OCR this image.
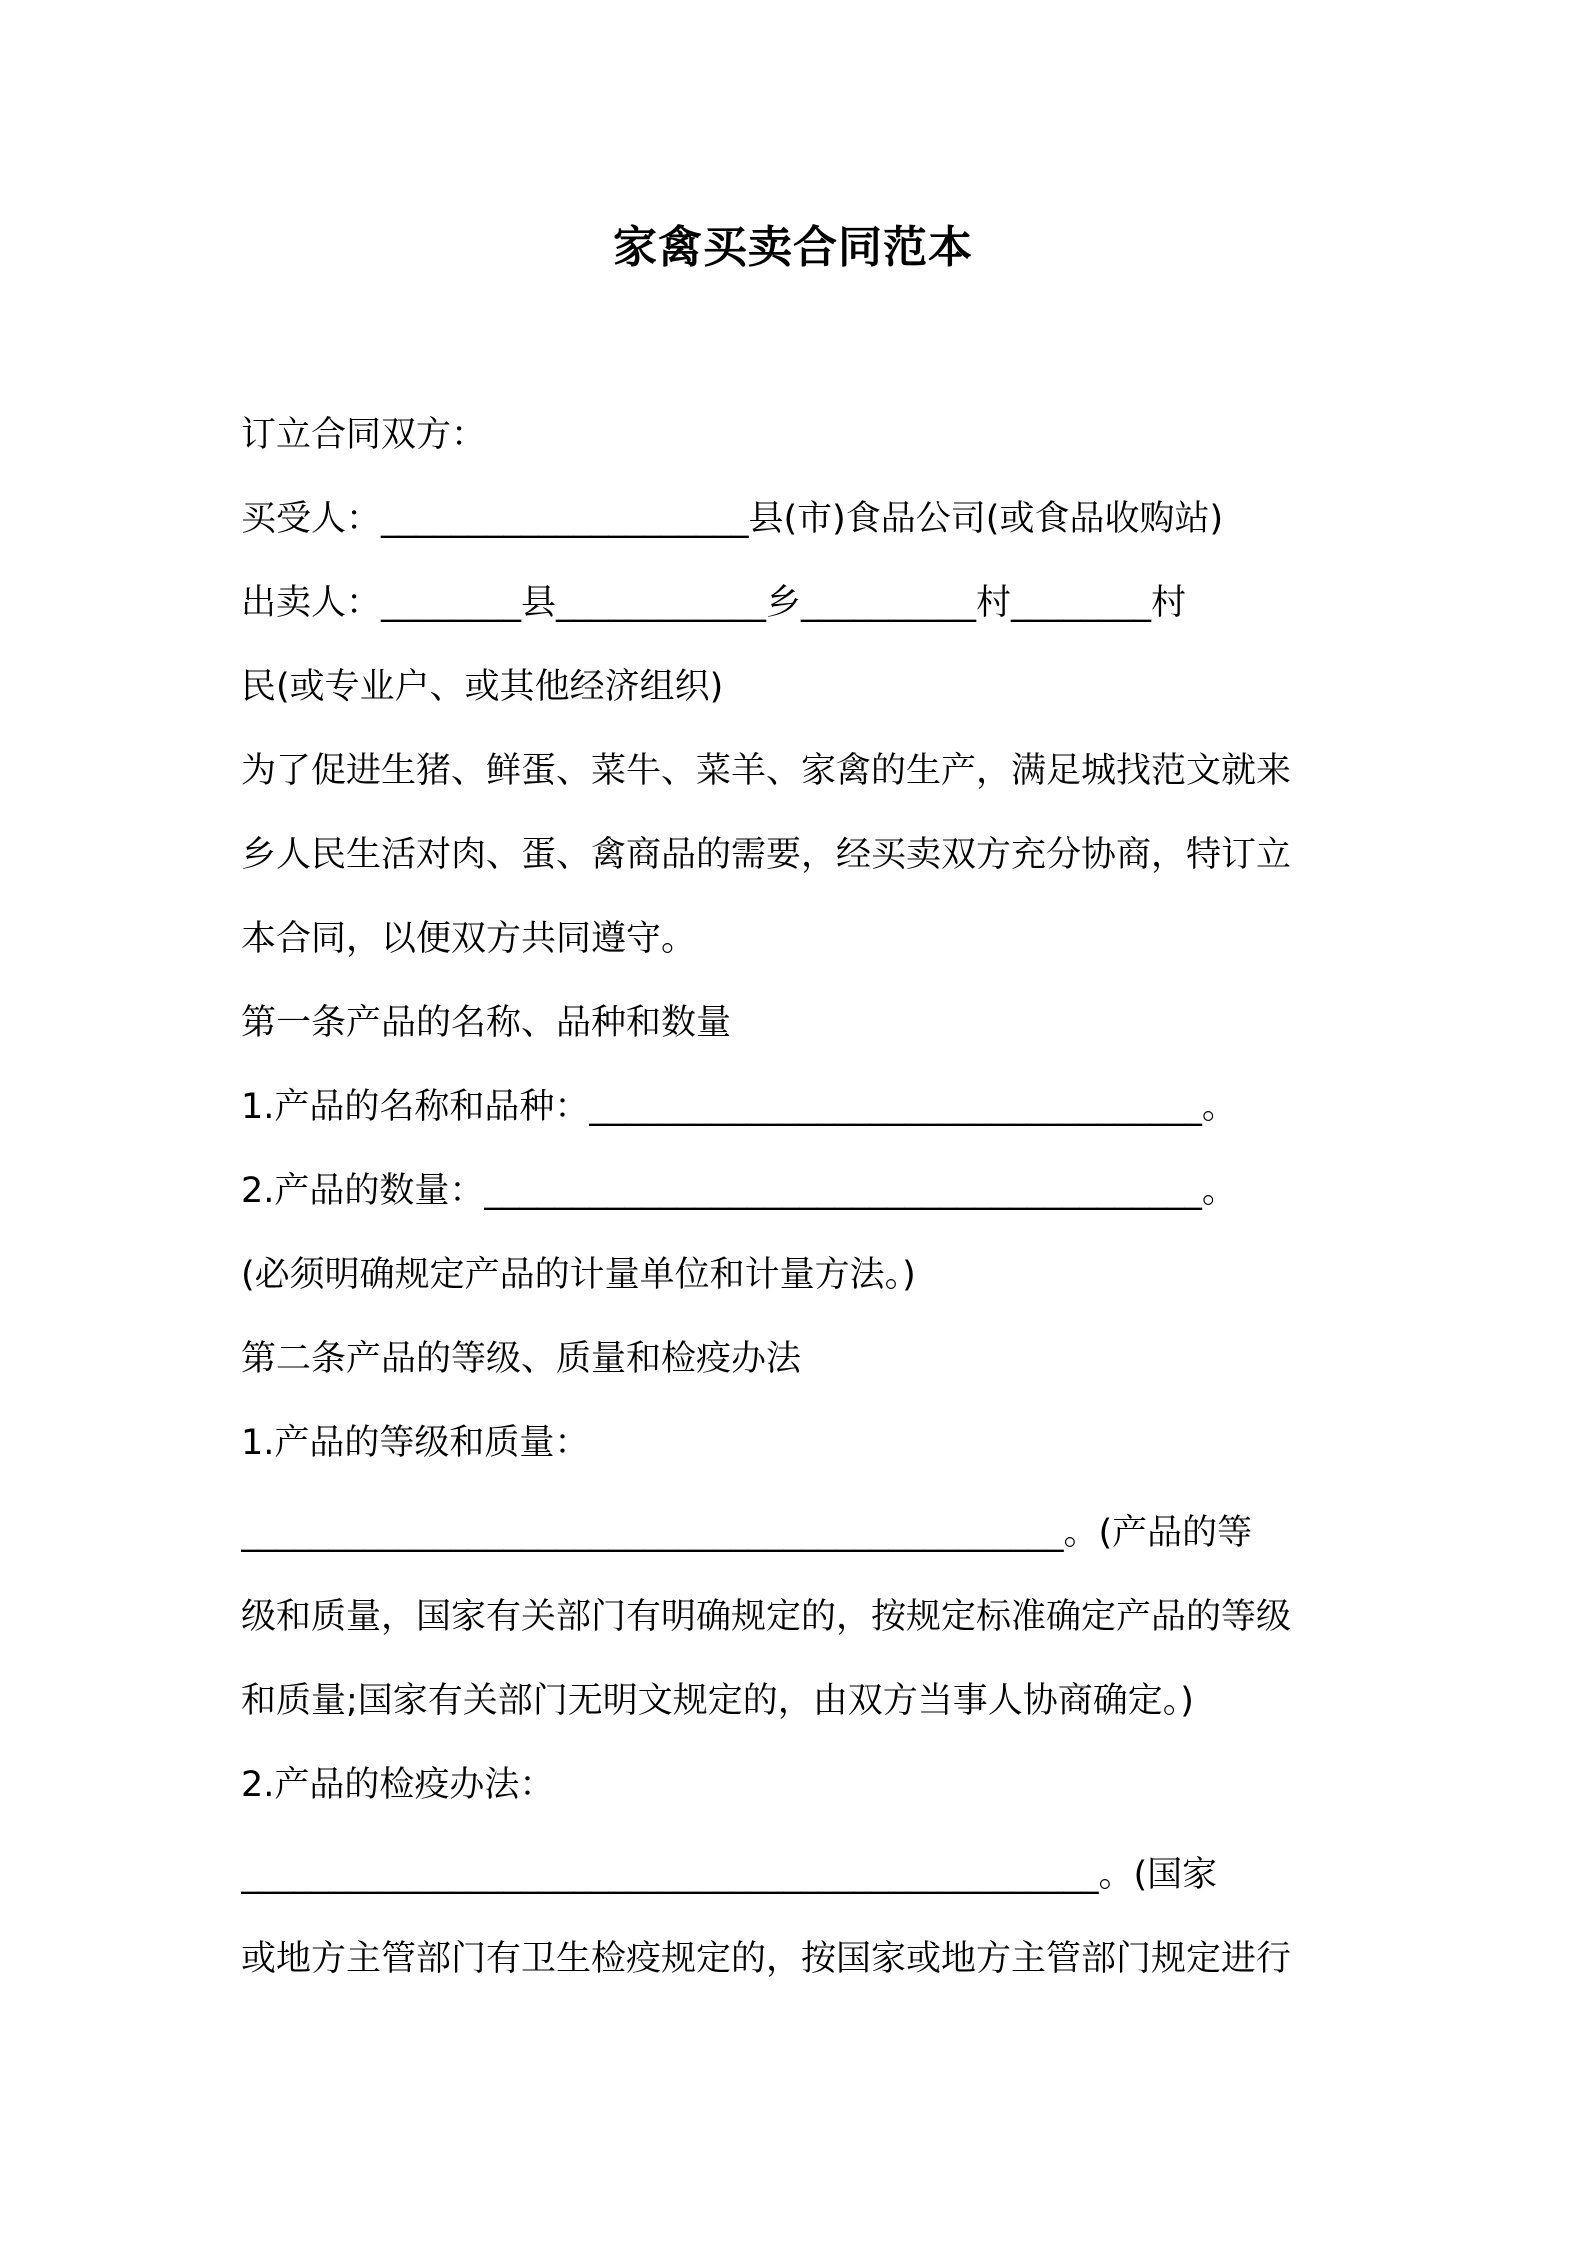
家禽买卖合同范本
订立合同双方：
买受人：_____________________县(市)食品公司(或食品收购站)
出卖人：________县____________乡__________村________村
民(或专业户、或其他经济组织)
为了促进生猪、鲜蛋、菜牛、菜羊、家禽的生产，满足城找范文就来
乡人民生活对肉、蛋、禽商品的需要，经买卖双方充分协商，特订立
本合同，以便双方共同遵守。
第一条产品的名称、品种和数量
1.产品的名称和品种：___________________________________。
2.产品的数量：_________________________________________。
(必须明确规定产品的计量单位和计量方法。)
第二条产品的等级、质量和检疫办法
1.产品的等级和质量：
_______________________________________________。(产品的等
级和质量，国家有关部门有明确规定的，按规定标准确定产品的等级
和质量;国家有关部门无明文规定的，由双方当事人协商确定。)
2.产品的检疫办法：
_________________________________________________。(国家
或地方主管部门有卫生检疫规定的，按国家或地方主管部门规定进行
